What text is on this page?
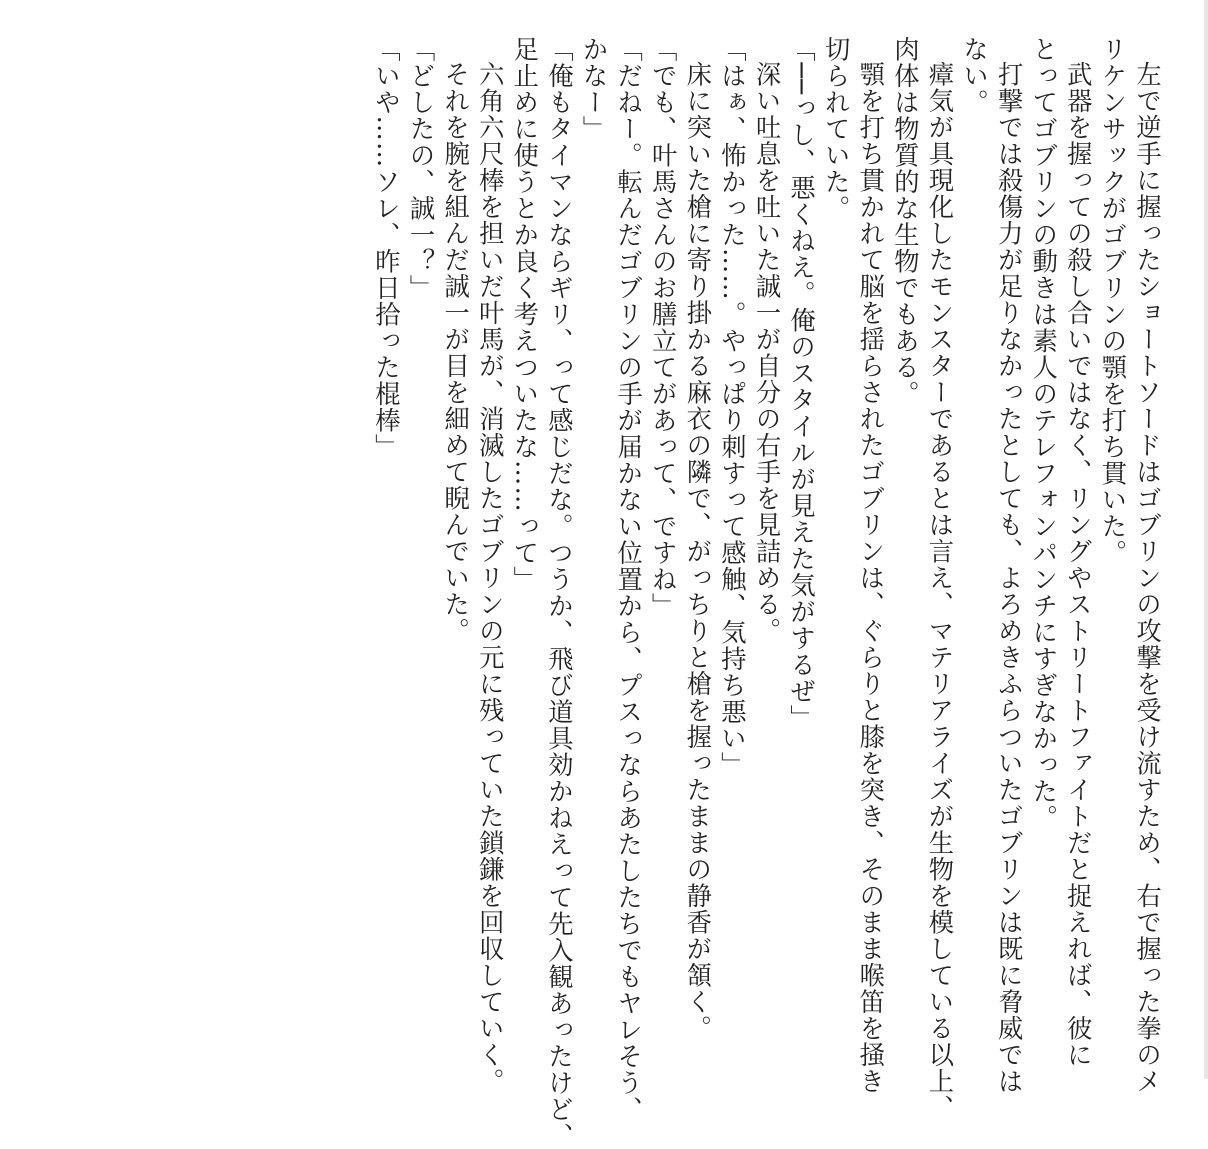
左で逆手に握ったショートソードはゴブリンの攻撃を受け流すため、右で握った拳のメ
リケンサックがゴブリンの顎を打ち貫いた。
武器を握っての殺し合いではなく、リングやストリートファイトだと捉えれば、彼に
とってゴブリンの動きは素人のテレフォンパンチにすぎなかった。
打撃では殺傷力が足りなかったとしても、よろめきふらついたゴブリンは既に脅威では
ない。
瘴気が具現化したモンスターであるとは言え、マテリアライズが生物を模している以上、
肉体は物質的な生物でもある。
顎を打ち貫かれて脳を揺らされたゴブリンは、ぐらりと膝を突き、そのまま喉笛を掻き
切られていた。
「──っし、悪くねえ。俺のスタイルが見えた気がするぜ」
深い吐息を吐いた誠一が自分の右手を見詰める。
「はぁ、怖かった……。やっぱり刺すって感触、気持ち悪い」
床に突いた槍に寄り掛かる麻衣の隣で、がっちりと槍を握ったままの静香が頷く。
「でも、叶馬さんのお膳立てがあって、ですね」
「だねー。転んだゴブリンの手が届かない位置から、プスっならあたしたちでもヤレそう、
かなー」
「俺もタイマンならギリ、って感じだな。つうか、飛び道具効かねえって先入観あったけど、
足止めに使うとか良く考えついたな……って」
六角六尺棒を担いだ叶馬が、消滅したゴブリンの元に残っていた鎖鎌を回収していく。
それを腕を組んだ誠一が目を細めて睨んでいた。
「どしたの、誠一？」
「いや……ソレ、昨日拾った棍棒」
